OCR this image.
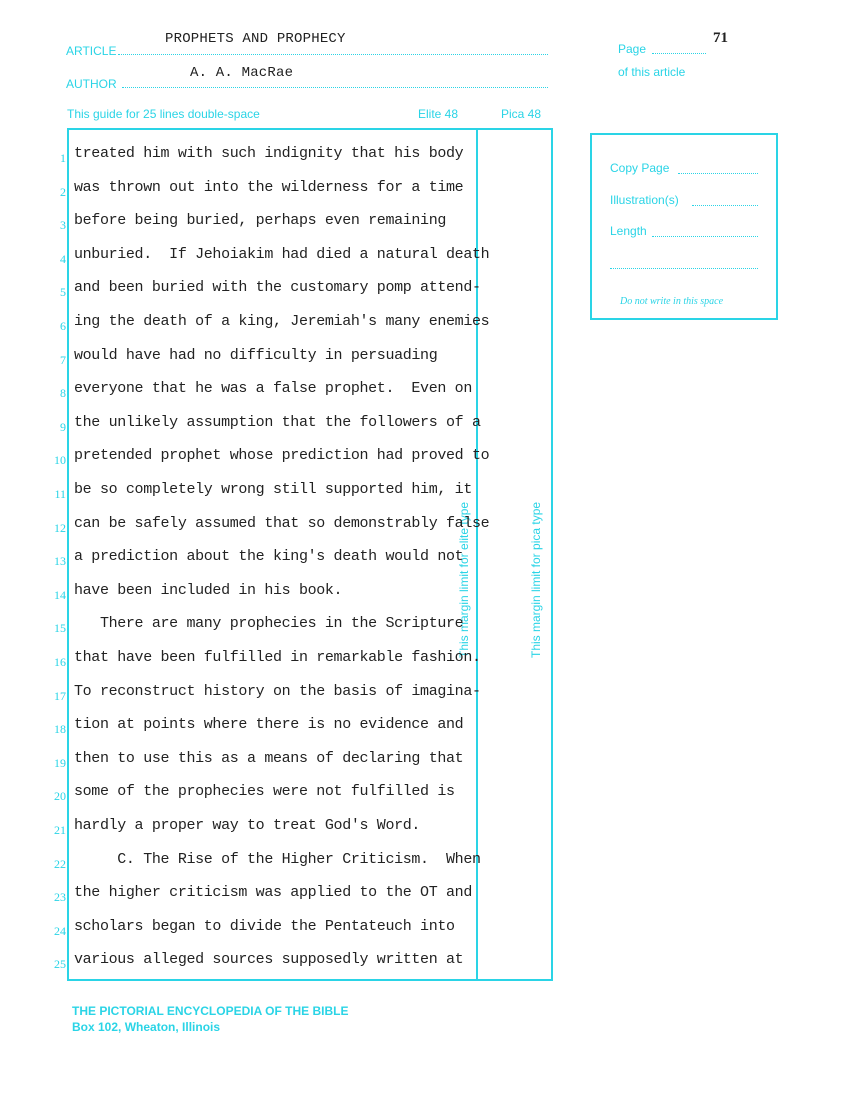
ARTICLE
PROPHETS AND PROPHECY
AUTHOR
A. A. MacRae
71
Page
of this article
This guide for 25 lines double-space	Elite 48	Pica 48
This margin limit for elite type	This margin limit for pica type
Copy Page
Illustration(s)
Length
Do not write in this space
1 treated him with such indignity that his body
2 was thrown out into the wilderness for a time
3 before being buried, perhaps even remaining
4 unburied.  If Jehoiakim had died a natural death
5 and been buried with the customary pomp attend-
6 ing the death of a king, Jeremiah's many enemies
7 would have had no difficulty in persuading
8 everyone that he was a false prophet.  Even on
9 the unlikely assumption that the followers of a
10 pretended prophet whose prediction had proved to
11 be so completely wrong still supported him, it
12 can be safely assumed that so demonstrably false
13 a prediction about the king's death would not
14 have been included in his book.
15 There are many prophecies in the Scripture
16 that have been fulfilled in remarkable fashion.
17 To reconstruct history on the basis of imagina-
18 tion at points where there is no evidence and
19 then to use this as a means of declaring that
20 some of the prophecies were not fulfilled is
21 hardly a proper way to treat God's Word.
22 C. The Rise of the Higher Criticism.  When
23 the higher criticism was applied to the OT and
24 scholars began to divide the Pentateuch into
25 various alleged sources supposedly written at
THE PICTORIAL ENCYCLOPEDIA OF THE BIBLE
Box 102, Wheaton, Illinois
